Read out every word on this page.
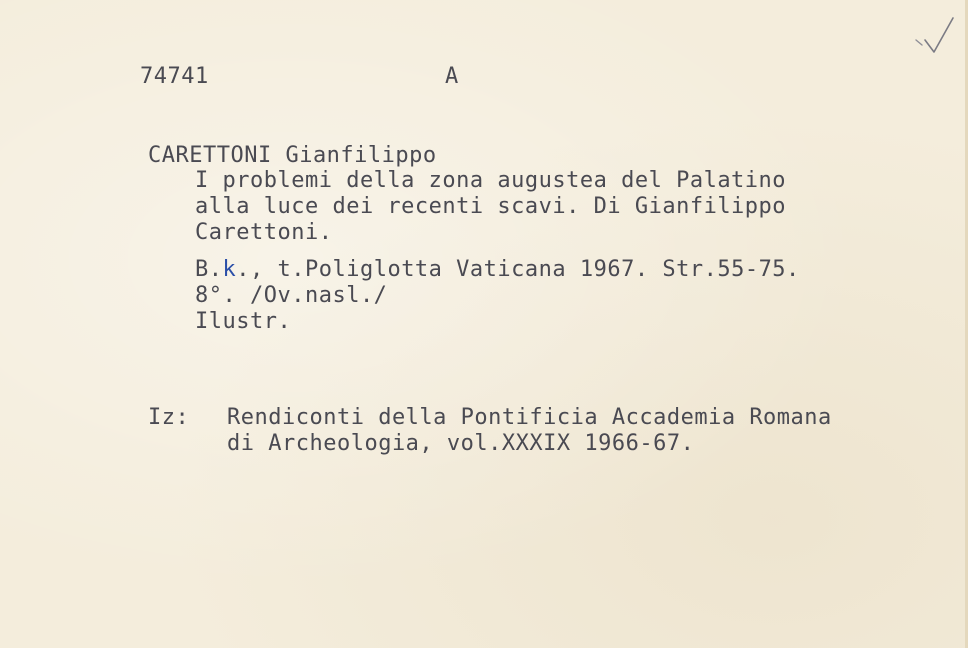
74741	A
CARETTONI Gianfilippo
I problemi della zona augustea del Palatino
alla luce dei recenti scavi. Di Gianfilippo
Carettoni.
B.k., t.Poliglotta Vaticana 1967. Str.55-75.
8°. /Ov.nasl./
Ilustr.
Iz: Rendiconti della Pontificia Accademia Romana
di Archeologia, vol.XXXIX 1966-67.
